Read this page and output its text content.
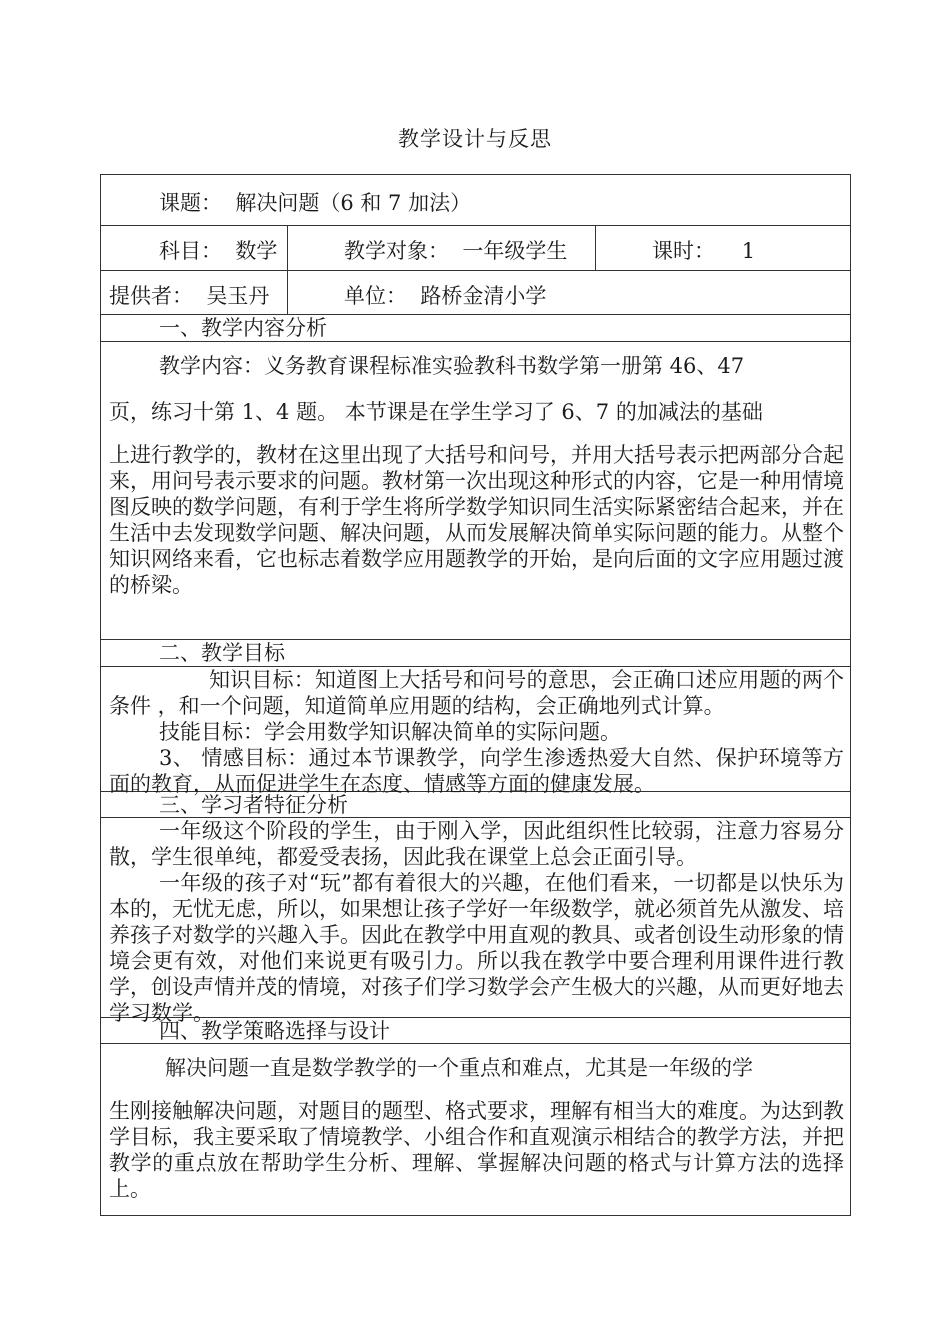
教学设计与反思
课题：  解决问题（6 和 7 加法）
科目：  数学	教学对象：  一年级学生	课时：    1
提供者：  吴玉丹	单位：  路桥金清小学
一、教学内容分析

教学内容：义务教育课程标准实验教科书数学第一册第 46、47

页，练习十第 1、4 题。 本节课是在学生学习了 6、7 的加减法的基础

上进行教学的，教材在这里出现了大括号和问号，并用大括号表示把两部分合起来，用问号表示要求的问题。教材第一次出现这种形式的内容，它是一种用情境图反映的数学问题，有利于学生将所学数学知识同生活实际紧密结合起来，并在生活中去发现数学问题、解决问题，从而发展解决简单实际问题的能力。从整个知识网络来看，它也标志着数学应用题教学的开始，是向后面的文字应用题过渡的桥梁。

二、教学目标

知识目标：知道图上大括号和问号的意思，会正确口述应用题的两个条件 ，和一个问题，知道简单应用题的结构，会正确地列式计算。

技能目标：学会用数学知识解决简单的实际问题。

3、 情感目标：通过本节课教学，向学生渗透热爱大自然、保护环境等方面的教育，从而促进学生在态度、情感等方面的健康发展。

三、学习者特征分析

一年级这个阶段的学生，由于刚入学，因此组织性比较弱，注意力容易分散，学生很单纯，都爱受表扬，因此我在课堂上总会正面引导。

一年级的孩子对“玩”都有着很大的兴趣，在他们看来，一切都是以快乐为本的，无忧无虑，所以，如果想让孩子学好一年级数学，就必须首先从激发、培养孩子对数学的兴趣入手。因此在教学中用直观的教具、或者创设生动形象的情境会更有效，对他们来说更有吸引力。所以我在教学中要合理利用课件进行教学，创设声情并茂的情境，对孩子们学习数学会产生极大的兴趣，从而更好地去学习数学。

四、教学策略选择与设计

解决问题一直是数学教学的一个重点和难点，尤其是一年级的学

生刚接触解决问题，对题目的题型、格式要求，理解有相当大的难度。为达到教学目标，我主要采取了情境教学、小组合作和直观演示相结合的教学方法，并把教学的重点放在帮助学生分析、理解、掌握解决问题的格式与计算方法的选择上。
